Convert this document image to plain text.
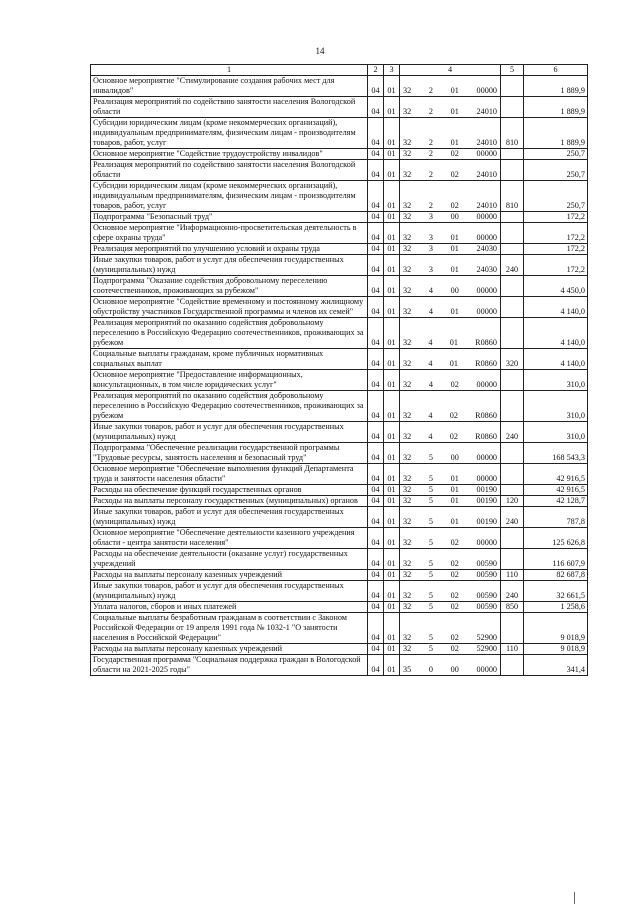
14
1	2	3	4	5	6
Основное мероприятие "Стимулирование создания рабочих мест для инвалидов"	04	01	32 2 01 00000		1 889,9
Реализация мероприятий по содействию занятости населения Вологодской области	04	01	32 2 01 24010		1 889,9
Субсидии юридическим лицам (кроме некоммерческих организаций), индивидуальным предпринимателям, физическим лицам - производителям товаров, работ, услуг	04	01	32 2 01 24010	810	1 889,9
Основное мероприятие "Содействие трудоустройству инвалидов"	04	01	32 2 02 00000		250,7
Реализация мероприятий по содействию занятости населения Вологодской области	04	01	32 2 02 24010		250,7
Субсидии юридическим лицам (кроме некоммерческих организаций), индивидуальным предпринимателям, физическим лицам - производителям товаров, работ, услуг	04	01	32 2 02 24010	810	250,7
Подпрограмма "Безопасный труд"	04	01	32 3 00 00000		172,2
Основное мероприятие "Информационно-просветительская деятельность в сфере охраны труда"	04	01	32 3 01 00000		172,2
Реализация мероприятий по улучшению условий и охраны труда	04	01	32 3 01 24030		172,2
Иные закупки товаров, работ и услуг для обеспечения государственных (муниципальных) нужд	04	01	32 3 01 24030	240	172,2
Подпрограмма "Оказание содействия добровольному переселению соотечественников, проживающих за рубежом"	04	01	32 4 00 00000		4 450,0
Основное мероприятие "Содействие временному и постоянному жилищному обустройству участников Государственной программы и членов их семей"	04	01	32 4 01 00000		4 140,0
Реализация мероприятий по оказанию содействия добровольному переселению в Российскую Федерацию соотечественников, проживающих за рубежом	04	01	32 4 01 R0860		4 140,0
Социальные выплаты гражданам, кроме публичных нормативных социальных выплат	04	01	32 4 01 R0860	320	4 140,0
Основное мероприятие "Предоставление информационных, консультационных, в том числе юридических услуг"	04	01	32 4 02 00000		310,0
Реализация мероприятий по оказанию содействия добровольному переселению в Российскую Федерацию соотечественников, проживающих за рубежом	04	01	32 4 02 R0860		310,0
Иные закупки товаров, работ и услуг для обеспечения государственных (муниципальных) нужд	04	01	32 4 02 R0860	240	310,0
Подпрограмма "Обеспечение реализации государственной программы "Трудовые ресурсы, занятость населения и безопасный труд"	04	01	32 5 00 00000		168 543,3
Основное мероприятие "Обеспечение выполнения функций Департамента труда и занятости населения области"	04	01	32 5 01 00000		42 916,5
Расходы на обеспечение функций государственных органов	04	01	32 5 01 00190		42 916,5
Расходы на выплаты персоналу государственных (муниципальных) органов	04	01	32 5 01 00190	120	42 128,7
Иные закупки товаров, работ и услуг для обеспечения государственных (муниципальных) нужд	04	01	32 5 01 00190	240	787,8
Основное мероприятие "Обеспечение деятельности казенного учреждения области - центра занятости населения"	04	01	32 5 02 00000		125 626,8
Расходы на обеспечение деятельности (оказание услуг) государственных учреждений	04	01	32 5 02 00590		116 607,9
Расходы на выплаты персоналу казенных учреждений	04	01	32 5 02 00590	110	82 687,8
Иные закупки товаров, работ и услуг для обеспечения государственных (муниципальных) нужд	04	01	32 5 02 00590	240	32 661,5
Уплата налогов, сборов и иных платежей	04	01	32 5 02 00590	850	1 258,6
Социальные выплаты безработным гражданам в соответствии с Законом Российской Федерации от 19 апреля 1991 года № 1032-1 "О занятости населения в Российской Федерации"	04	01	32 5 02 52900		9 018,9
Расходы на выплаты персоналу казенных учреждений	04	01	32 5 02 52900	110	9 018,9
Государственная программа "Социальная поддержка граждан в Вологодской области на 2021-2025 годы"	04	01	35 0 00 00000		341,4
